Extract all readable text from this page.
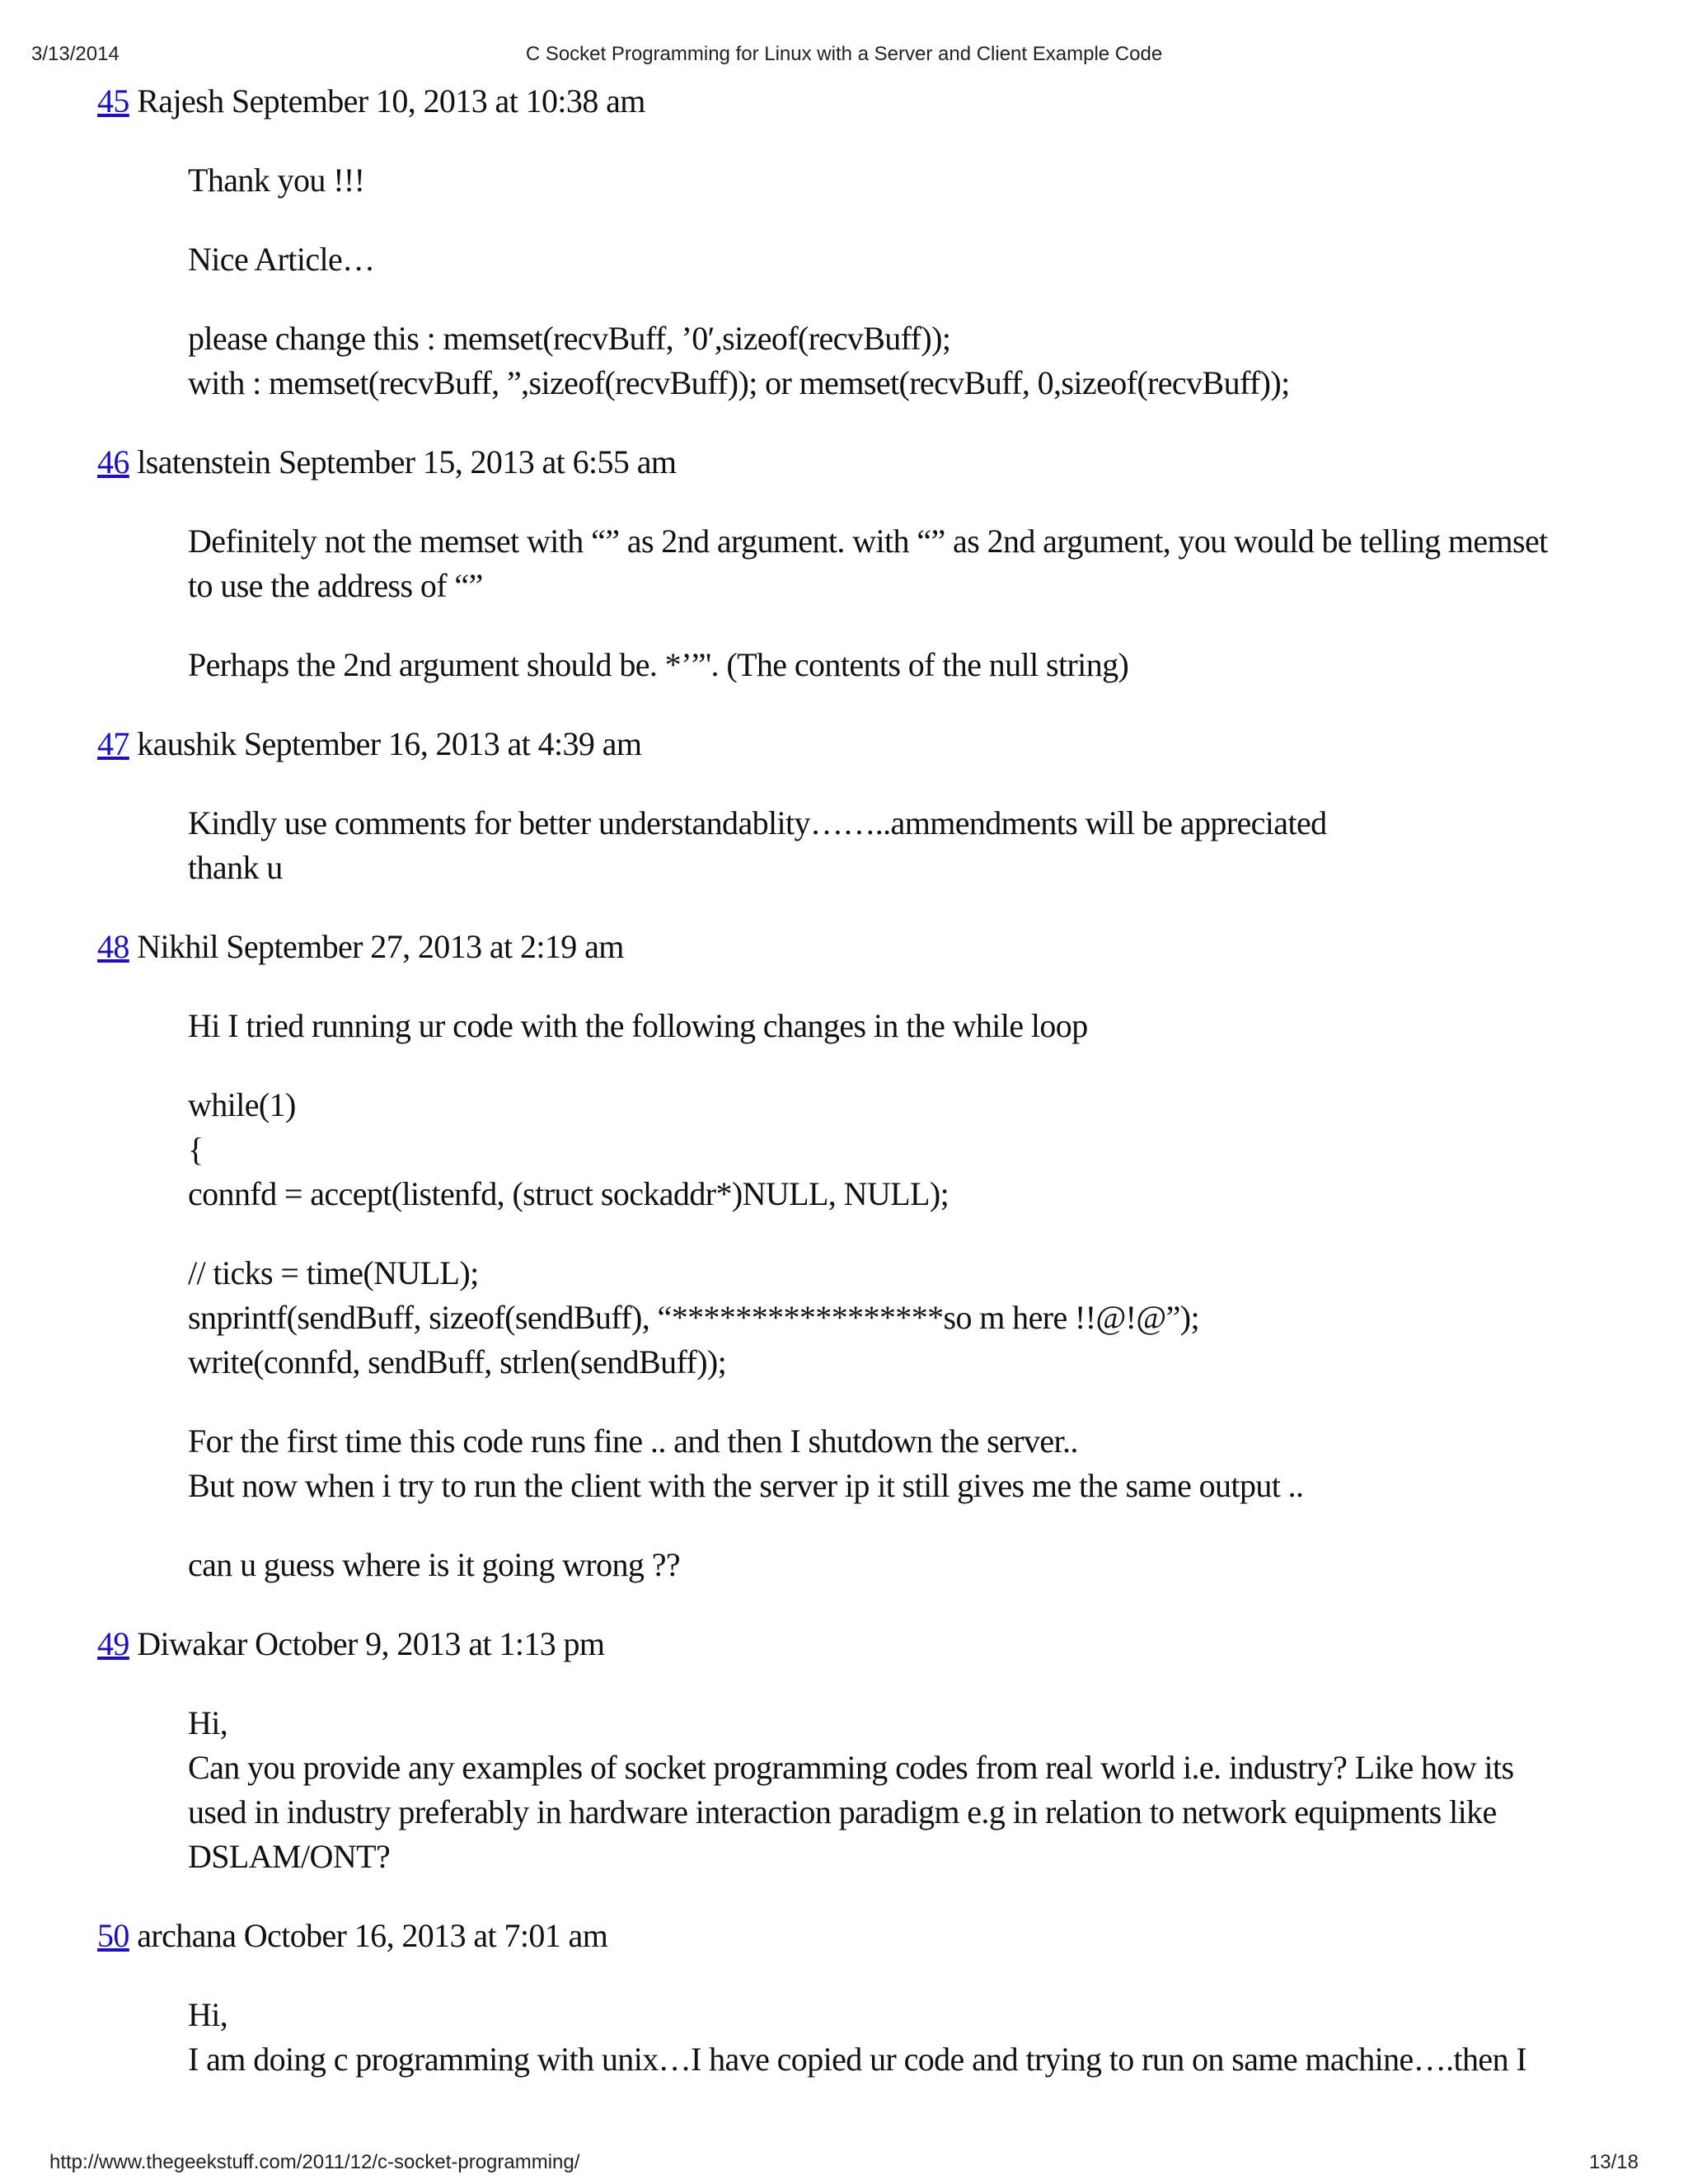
3/13/2014	C Socket Programming for Linux with a Server and Client Example Code
45 Rajesh September 10, 2013 at 10:38 am

Thank you !!!

Nice Article…

please change this : memset(recvBuff, ’0′,sizeof(recvBuff));
with : memset(recvBuff, ”,sizeof(recvBuff)); or memset(recvBuff, 0,sizeof(recvBuff));

46 lsatenstein September 15, 2013 at 6:55 am

Definitely not the memset with “” as 2nd argument. with “” as 2nd argument, you would be telling memset to use the address of “”

Perhaps the 2nd argument should be. *’”'. (The contents of the null string)

47 kaushik September 16, 2013 at 4:39 am

Kindly use comments for better understandablity……..ammendments will be appreciated
thank u

48 Nikhil September 27, 2013 at 2:19 am

Hi I tried running ur code with the following changes in the while loop

while(1)
{
connfd = accept(listenfd, (struct sockaddr*)NULL, NULL);

// ticks = time(NULL);
snprintf(sendBuff, sizeof(sendBuff), “*****************so m here !!@!@”);
write(connfd, sendBuff, strlen(sendBuff));

For the first time this code runs fine .. and then I shutdown the server..
But now when i try to run the client with the server ip it still gives me the same output ..

can u guess where is it going wrong ??

49 Diwakar October 9, 2013 at 1:13 pm

Hi,
Can you provide any examples of socket programming codes from real world i.e. industry? Like how its used in industry preferably in hardware interaction paradigm e.g in relation to network equipments like DSLAM/ONT?

50 archana October 16, 2013 at 7:01 am

Hi,
I am doing c programming with unix…I have copied ur code and trying to run on same machine….then I

http://www.thegeekstuff.com/2011/12/c-socket-programming/	13/18
